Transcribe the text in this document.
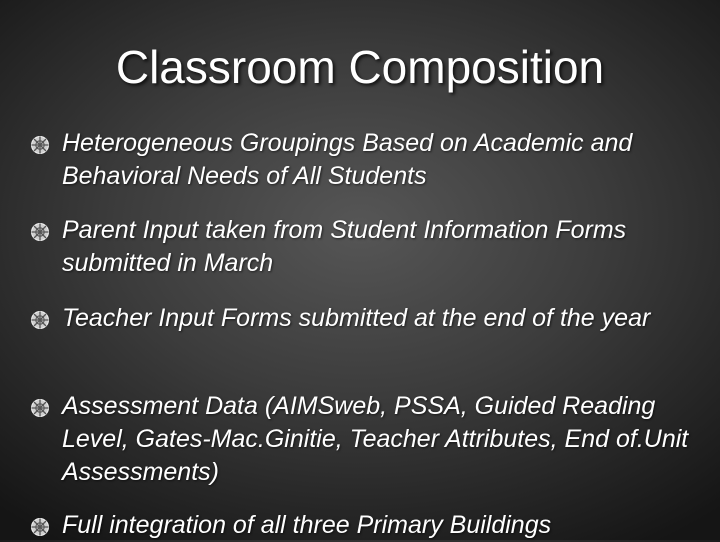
Classroom Composition
Heterogeneous Groupings Based on Academic and Behavioral Needs of All Students
Parent Input taken from Student Information Forms submitted in March
Teacher Input Forms submitted at the end of the year
Assessment Data (AIMSweb, PSSA, Guided Reading Level, Gates-Mac.Ginitie, Teacher Attributes, End of.Unit Assessments)
Full integration of all three Primary Buildings
